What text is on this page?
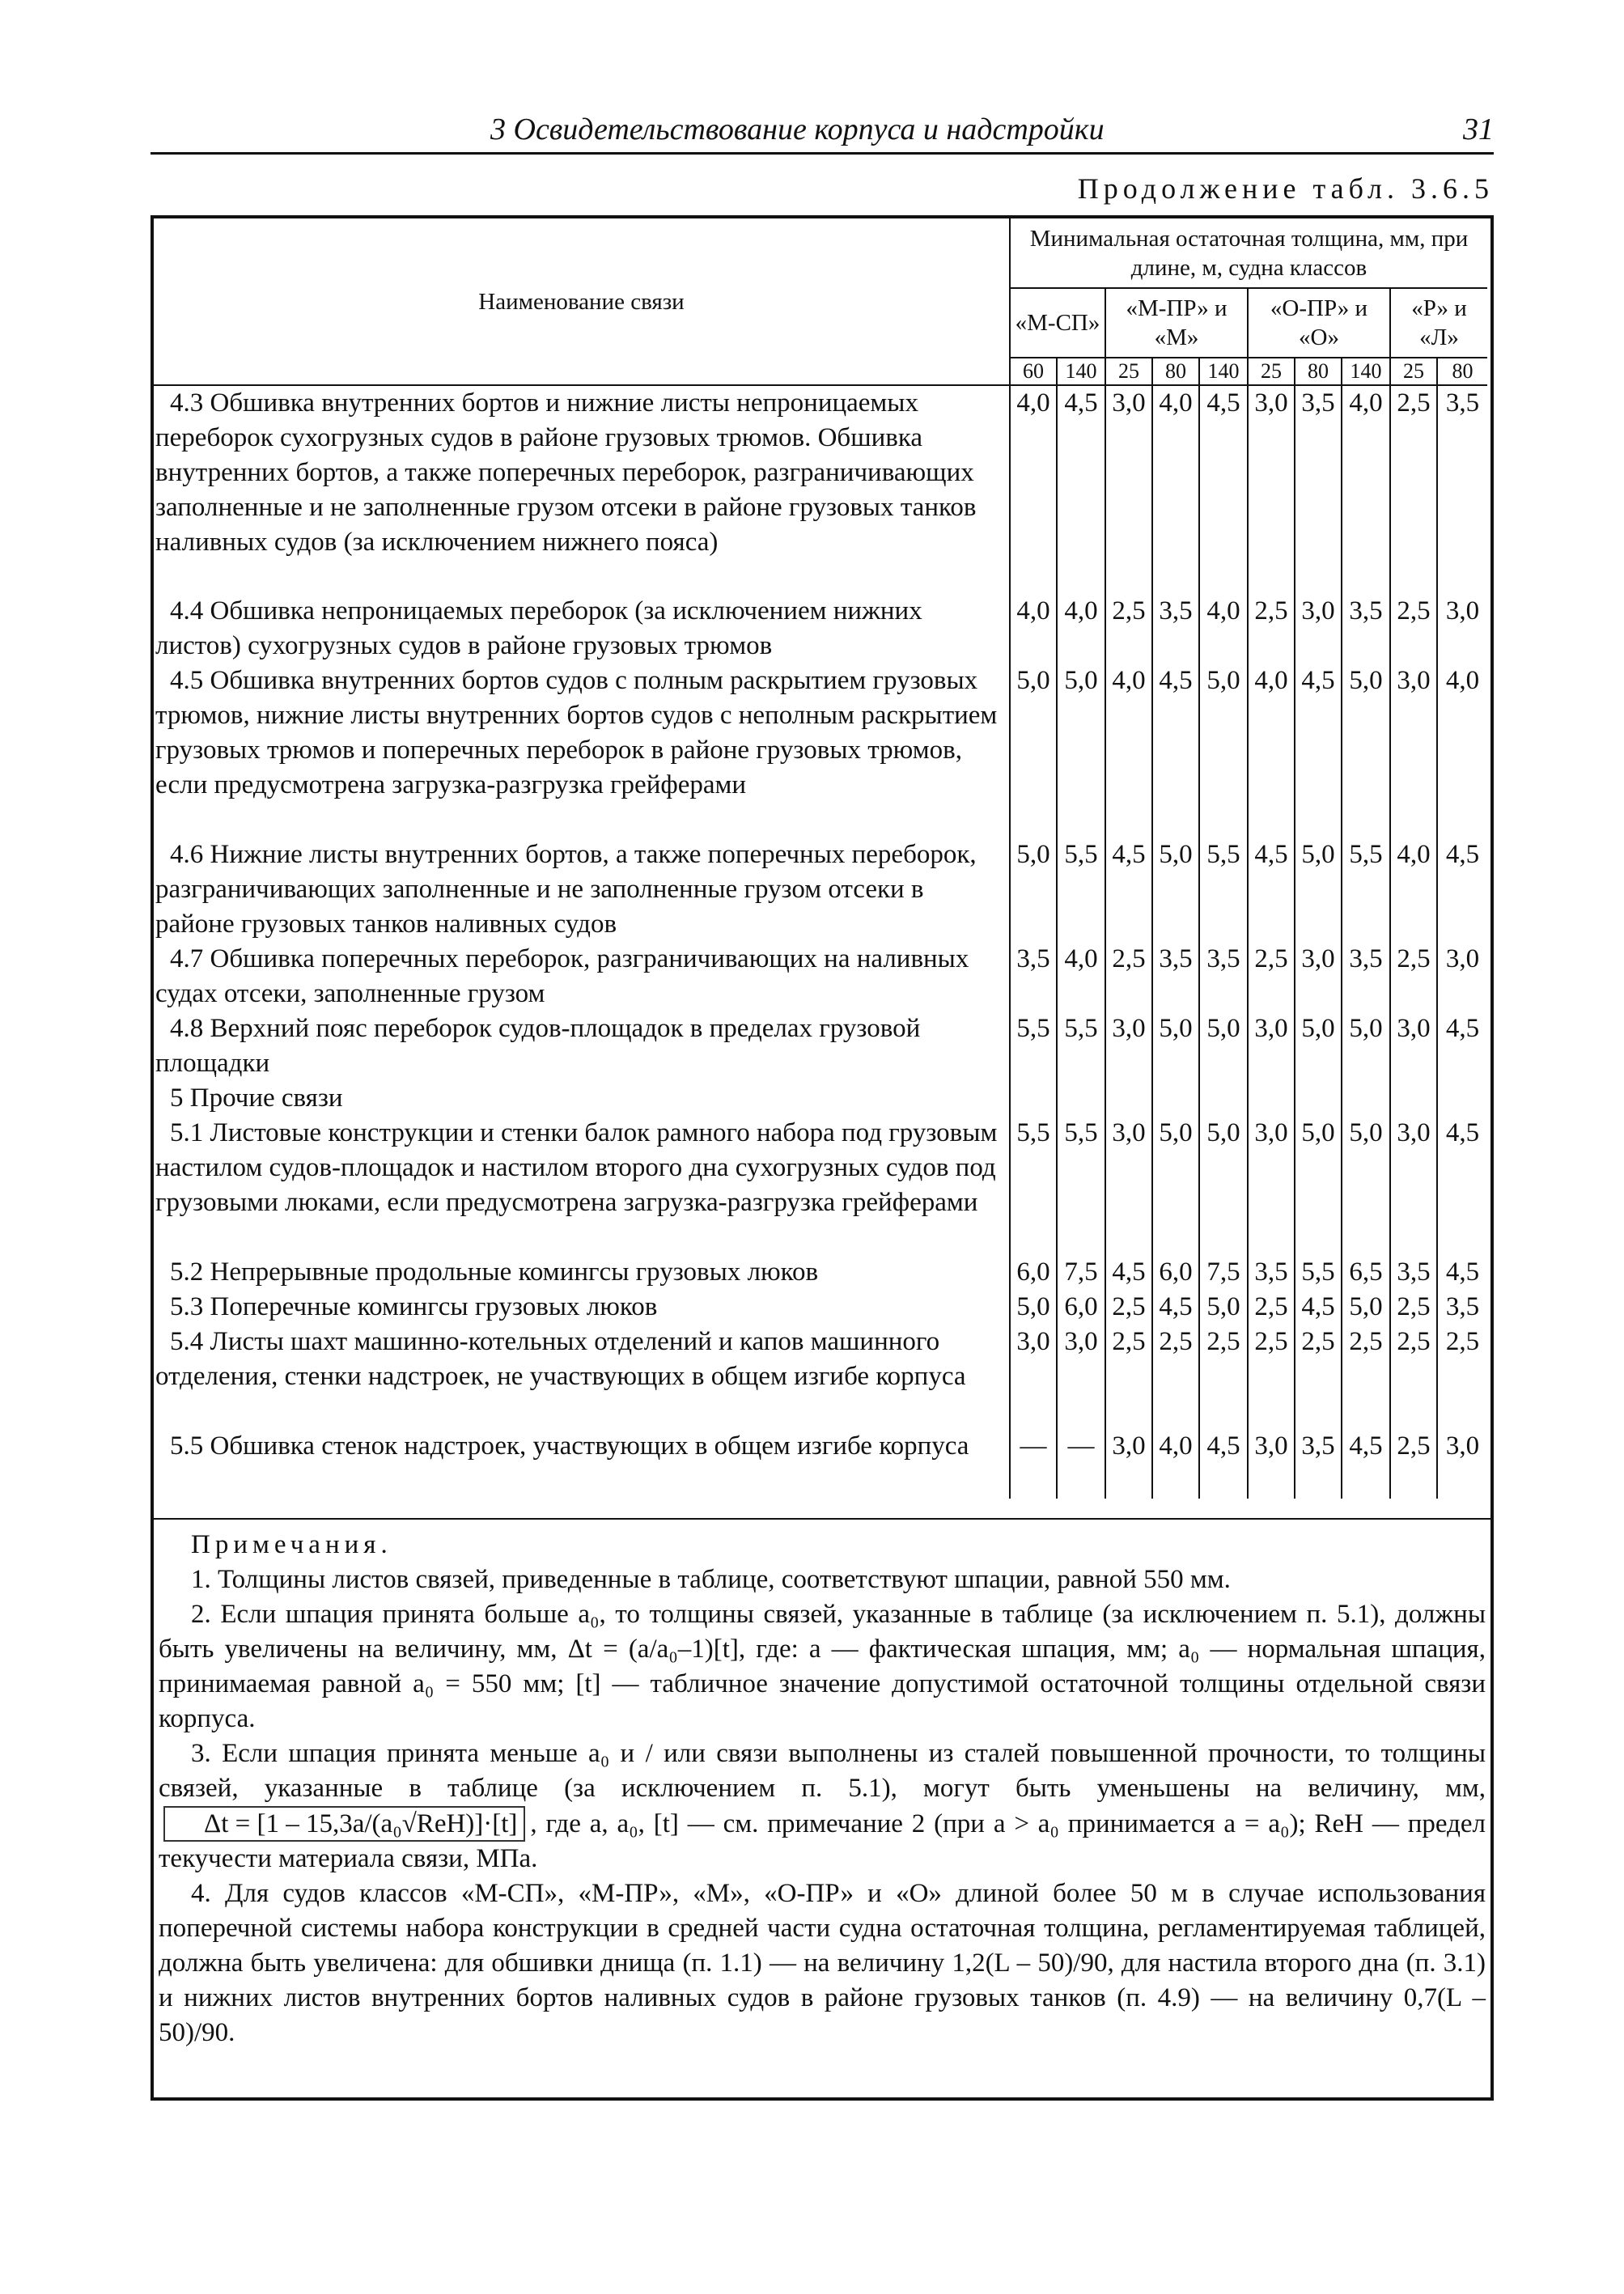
3 Освидетельствование корпуса и надстройки	31
Продолжение табл. 3.6.5
Наименование связи	Минимальная остаточная толщина, мм, при длине, м, судна классов									
	«М-СП»		«М-ПР» и «М»			«О-ПР» и «О»			«Р» и «Л»	
	60	140	25	80	140	25	80	140	25	80
4.3 Обшивка внутренних бортов и нижние листы непроницаемых переборок сухогрузных судов в районе грузовых трюмов. Обшивка внутренних бортов, а также поперечных переборок, разграничивающих заполненные и не заполненные грузом отсеки в районе грузовых танков наливных судов (за исключением нижнего пояса)	4,0	4,5	3,0	4,0	4,5	3,0	3,5	4,0	2,5	3,5
4.4 Обшивка непроницаемых переборок (за исключением нижних листов) сухогрузных судов в районе грузовых трюмов	4,0	4,0	2,5	3,5	4,0	2,5	3,0	3,5	2,5	3,0
4.5 Обшивка внутренних бортов судов с полным раскрытием грузовых трюмов, нижние листы внутренних бортов судов с неполным раскрытием грузовых трюмов и поперечных переборок в районе грузовых трюмов, если предусмотрена загрузка-разгрузка грейферами	5,0	5,0	4,0	4,5	5,0	4,0	4,5	5,0	3,0	4,0
4.6 Нижние листы внутренних бортов, а также поперечных переборок, разграничивающих заполненные и не заполненные грузом отсеки в районе грузовых танков наливных судов	5,0	5,5	4,5	5,0	5,5	4,5	5,0	5,5	4,0	4,5
4.7 Обшивка поперечных переборок, разграничивающих на наливных судах отсеки, заполненные грузом	3,5	4,0	2,5	3,5	3,5	2,5	3,0	3,5	2,5	3,0
4.8 Верхний пояс переборок судов-площадок в пределах грузовой площадки	5,5	5,5	3,0	5,0	5,0	3,0	5,0	5,0	3,0	4,5
5 Прочие связи										
5.1 Листовые конструкции и стенки балок рамного набора под грузовым настилом судов-площадок и настилом второго дна сухогрузных судов под грузовыми люками, если предусмотрена загрузка-разгрузка грейферами	5,5	5,5	3,0	5,0	5,0	3,0	5,0	5,0	3,0	4,5
5.2 Непрерывные продольные комингсы грузовых люков	6,0	7,5	4,5	6,0	7,5	3,5	5,5	6,5	3,5	4,5
5.3 Поперечные комингсы грузовых люков	5,0	6,0	2,5	4,5	5,0	2,5	4,5	5,0	2,5	3,5
5.4 Листы шахт машинно-котельных отделений и капов машинного отделения, стенки надстроек, не участвующих в общем изгибе корпуса	3,0	3,0	2,5	2,5	2,5	2,5	2,5	2,5	2,5	2,5
5.5 Обшивка стенок надстроек, участвующих в общем изгибе корпуса	—	—	3,0	4,0	4,5	3,0	3,5	4,5	2,5	3,0
Примечания.

1. Толщины листов связей, приведенные в таблице, соответствуют шпации, равной 550 мм.

2. Если шпация принята больше a₀, то толщины связей, указанные в таблице (за исключением п. 5.1), должны быть увеличены на величину, мм, Δt = (a/a₀–1)[t], где: a — фактическая шпация, мм; a₀ — нормальная шпация, принимаемая равной a₀ = 550 мм; [t] — табличное значение допустимой остаточной толщины отдельной связи корпуса.

3. Если шпация принята меньше a₀ и / или связи выполнены из сталей повышенной прочности, то толщины связей, указанные в таблице (за исключением п. 5.1), могут быть уменьшены на величину, мм,Δt = [1 – 15,3a/(a₀√ReH)]·[t] , где a, a₀, [t] — см. примечание 2 (при a > a₀ принимается a = a₀); ReH — предел текучести материала связи, МПа.

4. Для судов классов «М-СП», «М-ПР», «М», «О-ПР» и «О» длиной более 50 м в случае использования поперечной системы набора конструкции в средней части судна остаточная толщина, регламентируемая таблицей, должна быть увеличена: для обшивки днища (п. 1.1) — на величину 1,2(L – 50)/90, для настила второго дна (п. 3.1) и нижних листов внутренних бортов наливных судов в районе грузовых танков (п. 4.9) — на величину 0,7(L – 50)/90.
